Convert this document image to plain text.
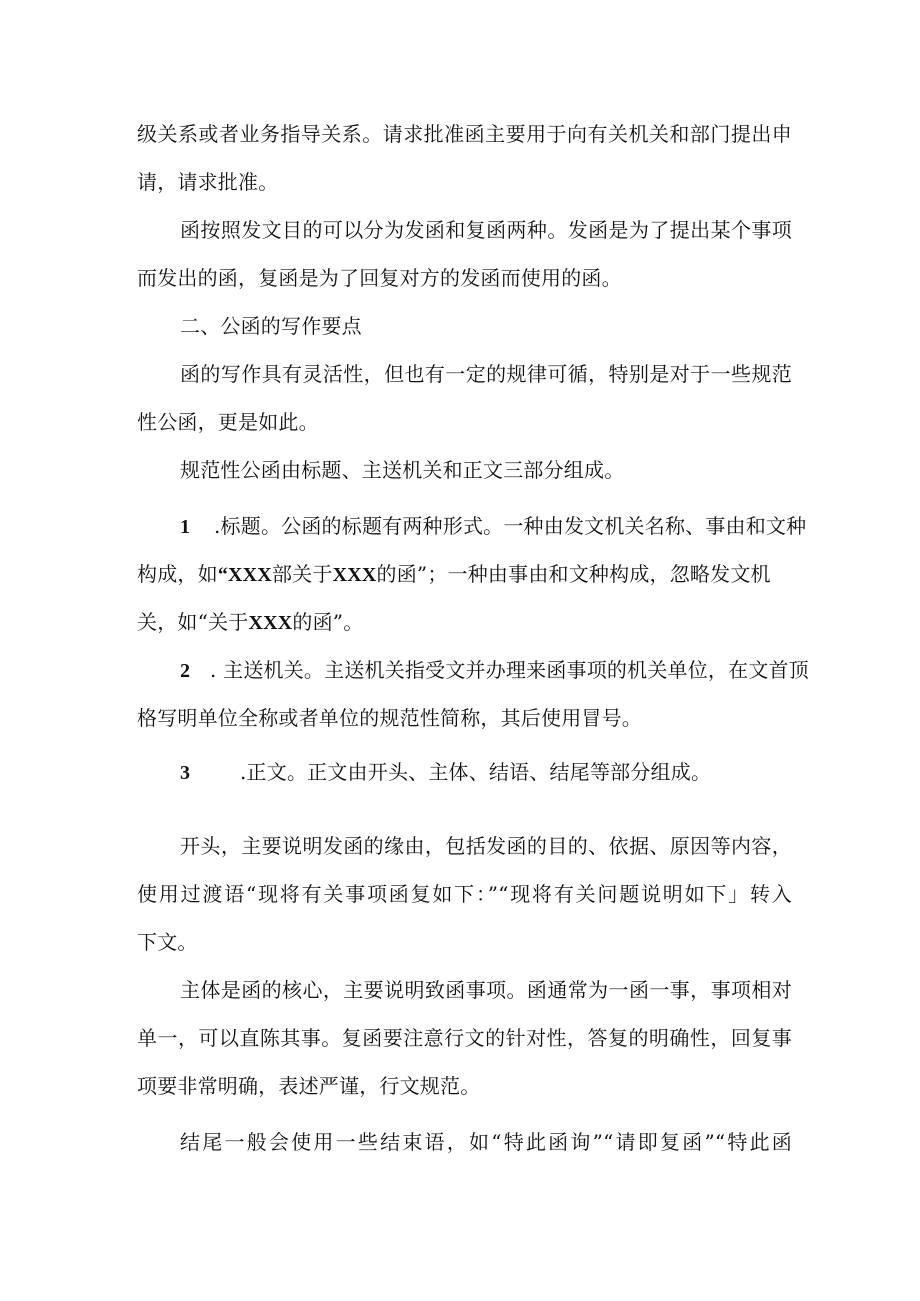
级关系或者业务指导关系。请求批准函主要用于向有关机关和部门提出申
请，请求批准。
函按照发文目的可以分为发函和复函两种。发函是为了提出某个事项
而发出的函，复函是为了回复对方的发函而使用的函。
二、公函的写作要点
函的写作具有灵活性，但也有一定的规律可循，特别是对于一些规范
性公函，更是如此。
规范性公函由标题、主送机关和正文三部分组成。
1 .标题。公函的标题有两种形式。一种由发文机关名称、事由和文种
构成，如“XXX部关于XXX的函”；一种由事由和文种构成，忽略发文机
关，如“关于XXX的函”。
2 . 主送机关。主送机关指受文并办理来函事项的机关单位，在文首顶
格写明单位全称或者单位的规范性简称，其后使用冒号。
3 .正文。正文由开头、主体、结语、结尾等部分组成。
开头，主要说明发函的缘由，包括发函的目的、依据、原因等内容，
使用过渡语“现将有关事项函复如下：”“现将有关问题说明如下」转入
下文。
主体是函的核心，主要说明致函事项。函通常为一函一事，事项相对
单一，可以直陈其事。复函要注意行文的针对性，答复的明确性，回复事
项要非常明确，表述严谨，行文规范。
结尾一般会使用一些结束语，如“特此函询”“请即复函”“特此函
